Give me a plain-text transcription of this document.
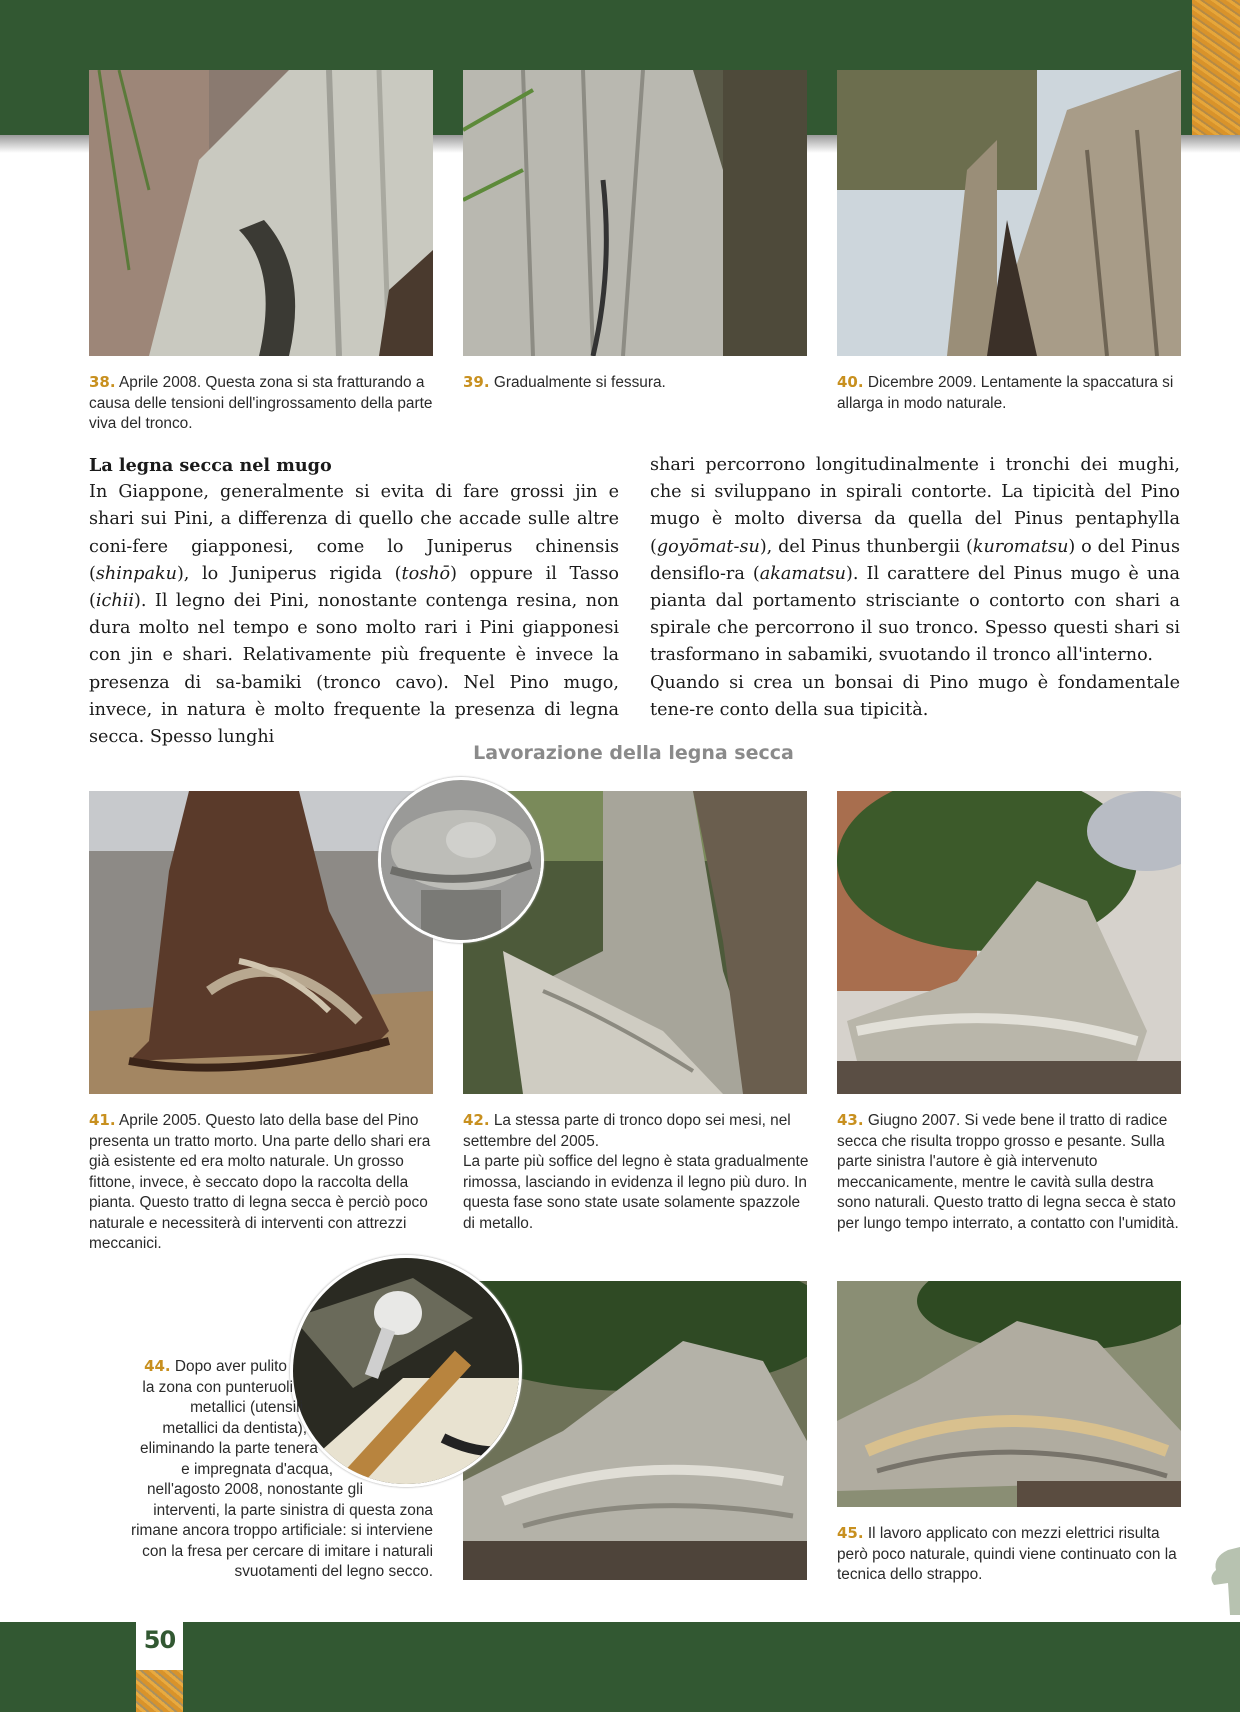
38. Aprile 2008. Questa zona si sta fratturando a causa delle tensioni dell'ingrossamento della parte viva del tronco.
39. Gradualmente si fessura.	40. Dicembre 2009. Lentamente la spaccatura si allarga in modo naturale.

La legna secca nel mugo

In Giappone, generalmente si evita di fare grossi jin e shari sui Pini, a differenza di quello che accade sulle altre coni-fere giapponesi, come lo Juniperus chinensis (shinpaku), lo Juniperus rigida (toshō) oppure il Tasso (ichii). Il legno dei Pini, nonostante contenga resina, non dura molto nel tempo e sono molto rari i Pini giapponesi con jin e shari. Relativamente più frequente è invece la presenza di sa-bamiki (tronco cavo). Nel Pino mugo, invece, in natura è molto frequente la presenza di legna secca. Spesso lunghi

shari percorrono longitudinalmente i tronchi dei mughi, che si sviluppano in spirali contorte. La tipicità del Pino mugo è molto diversa da quella del Pinus pentaphylla (goyōmat-su), del Pinus thunbergii (kuromatsu) o del Pinus densiflo-ra (akamatsu). Il carattere del Pinus mugo è una pianta dal portamento strisciante o contorto con shari a spirale che percorrono il suo tronco. Spesso questi shari si trasformano in sabamiki, svuotando il tronco all'interno.

Quando si crea un bonsai di Pino mugo è fondamentale tene-re conto della sua tipicità.

Lavorazione della legna secca
41. Aprile 2005. Questo lato della base del Pino presenta un tratto morto. Una parte dello shari era già esistente ed era molto naturale. Un grosso fittone, invece, è seccato dopo la raccolta della pianta. Questo tratto di legna secca è perciò poco naturale e necessiterà di interventi con attrezzi meccanici.
42. La stessa parte di tronco dopo sei mesi, nel settembre del 2005.
La parte più soffice del legno è stata gradualmente rimossa, lasciando in evidenza il legno più duro. In questa fase sono state usate solamente spazzole di metallo.
43. Giugno 2007. Si vede bene il tratto di radice secca che risulta troppo grosso e pesante. Sulla parte sinistra l'autore è già intervenuto meccanicamente, mentre le cavità sulla destra sono naturali. Questo tratto di legna secca è stato per lungo tempo interrato, a contatto con l'umidità.
44. Dopo aver pulito
la zona con punteruoli
metallici (utensili
metallici da dentista),
eliminando la parte tenera
e impregnata d'acqua,
nell'agosto 2008, nonostante gli
interventi, la parte sinistra di questa zona
rimane ancora troppo artificiale: si interviene
con la fresa per cercare di imitare i naturali
svuotamenti del legno secco.
45. Il lavoro applicato con mezzi elettrici risulta però poco naturale, quindi viene continuato con la tecnica dello strappo.
50
